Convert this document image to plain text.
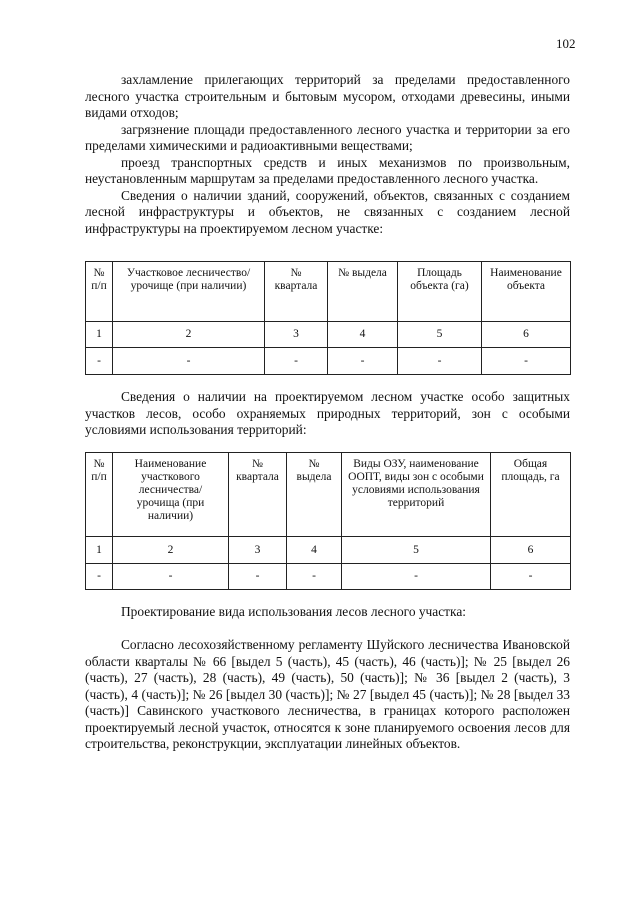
102

захламление прилегающих территорий за пределами предоставленного лесного участка строительным и бытовым мусором, отходами древесины, иными видами отходов;

загрязнение площади предоставленного лесного участка и территории за его пределами химическими и радиоактивными веществами;

проезд транспортных средств и иных механизмов по произвольным, неустановленным маршрутам за пределами предоставленного лесного участка.

Сведения о наличии зданий, сооружений, объектов, связанных с созданием лесной инфраструктуры и объектов, не связанных с созданием лесной инфраструктуры на проектируемом лесном участке:

№ п/п	Участковое лесничество/урочище (при наличии)	№ квартала	№ выдела	Площадь объекта (га)	Наименование объекта
1	2	3	4	5	6
-	-	-	-	-	-

Сведения о наличии на проектируемом лесном участке особо защитных участков лесов, особо охраняемых природных территорий, зон с особыми условиями использования территорий:

№ п/п	Наименование участкового лесничества/ урочища (при наличии)	№ квартала	№ выдела	Виды ОЗУ, наименование ООПТ, виды зон с особыми условиями использования территорий	Общая площадь, га
1	2	3	4	5	6
-	-	-	-	-	-

Проектирование вида использования лесов лесного участка:

Согласно лесохозяйственному регламенту Шуйского лесничества Ивановской области кварталы № 66 [выдел 5 (часть), 45 (часть), 46 (часть)]; № 25 [выдел 26 (часть), 27 (часть), 28 (часть), 49 (часть), 50 (часть)]; № 36 [выдел 2 (часть), 3 (часть), 4 (часть)]; № 26 [выдел 30 (часть)]; № 27 [выдел 45 (часть)]; № 28 [выдел 33 (часть)] Савинского участкового лесничества, в границах которого расположен проектируемый лесной участок, относятся к зоне планируемого освоения лесов для строительства, реконструкции, эксплуатации линейных объектов.
